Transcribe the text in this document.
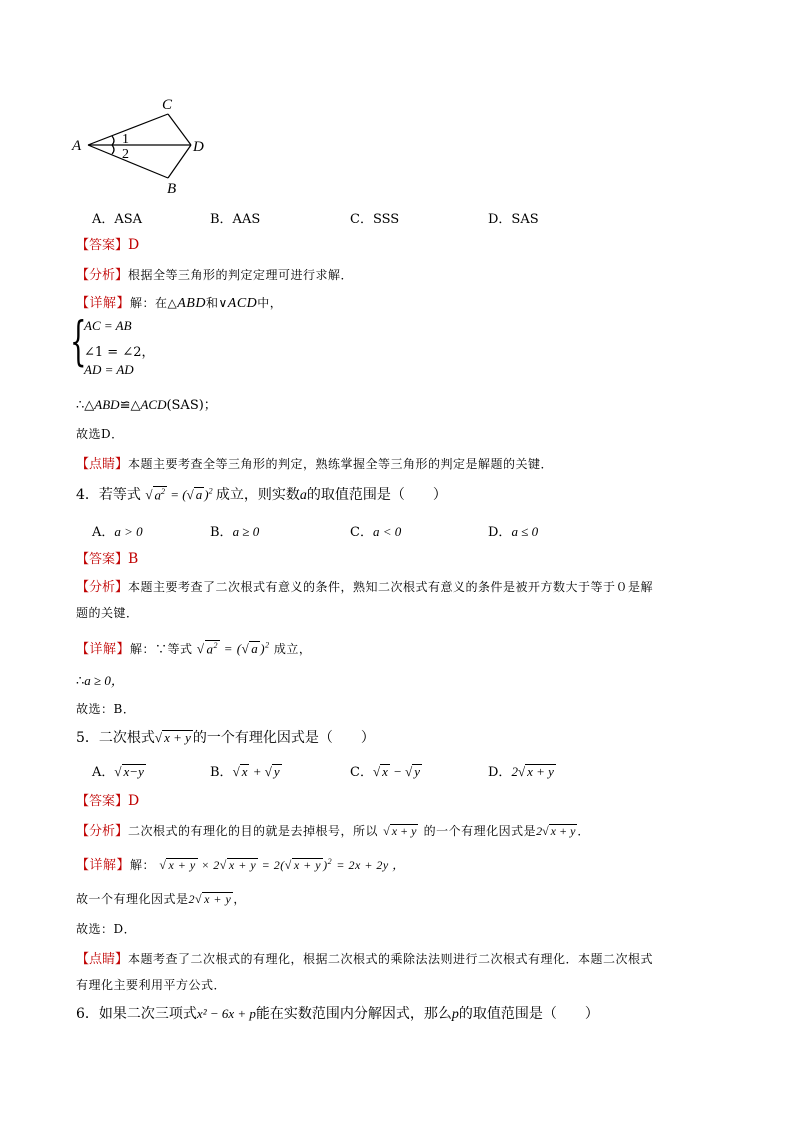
A
C
D
B
1
2
A．ASA	B．AAS	C．SSS	D．SAS
【答案】D
【分析】根据全等三角形的判定定理可进行求解．
【详解】解：在△ABD和∨ACD中，
{
AC = AB
∠1 = ∠2，
AD = AD
∴△ABD≌△ACD(SAS)；
故选D．
【点睛】本题主要考查全等三角形的判定，熟练掌握全等三角形的判定是解题的关键．
4．若等式 √ $a^2$ = (√ a )$^2$ 成立，则实数a的取值范围是（　　）
A．a > 0	B．a ≥ 0	C．a < 0	D．a ≤ 0
【答案】B
【分析】本题主要考查了二次根式有意义的条件，熟知二次根式有意义的条件是被开方数大于等于０是解
题的关键．
【详解】解：∵等式 √ $a^2$ = (√ a )$^2$ 成立，
∴a ≥ 0，
故选：B．
5．二次根式√ x + y 的一个有理化因式是（　　）
A．√ x−y	B．√ x + √ y	C．√ x − √ y	D．2√ x + y
【答案】D
【分析】二次根式的有理化的目的就是去掉根号，所以 √ x + y 的一个有理化因式是2√ x + y ．
【详解】解： √ x + y × 2√ x + y = 2(√ x + y )$^2$ = 2x + 2y ，
故一个有理化因式是2√ x + y ，
故选：D．
【点睛】本题考查了二次根式的有理化，根据二次根式的乘除法法则进行二次根式有理化．本题二次根式
有理化主要利用平方公式．
6．如果二次三项式x² − 6x + p能在实数范围内分解因式，那么p的取值范围是（　　）
